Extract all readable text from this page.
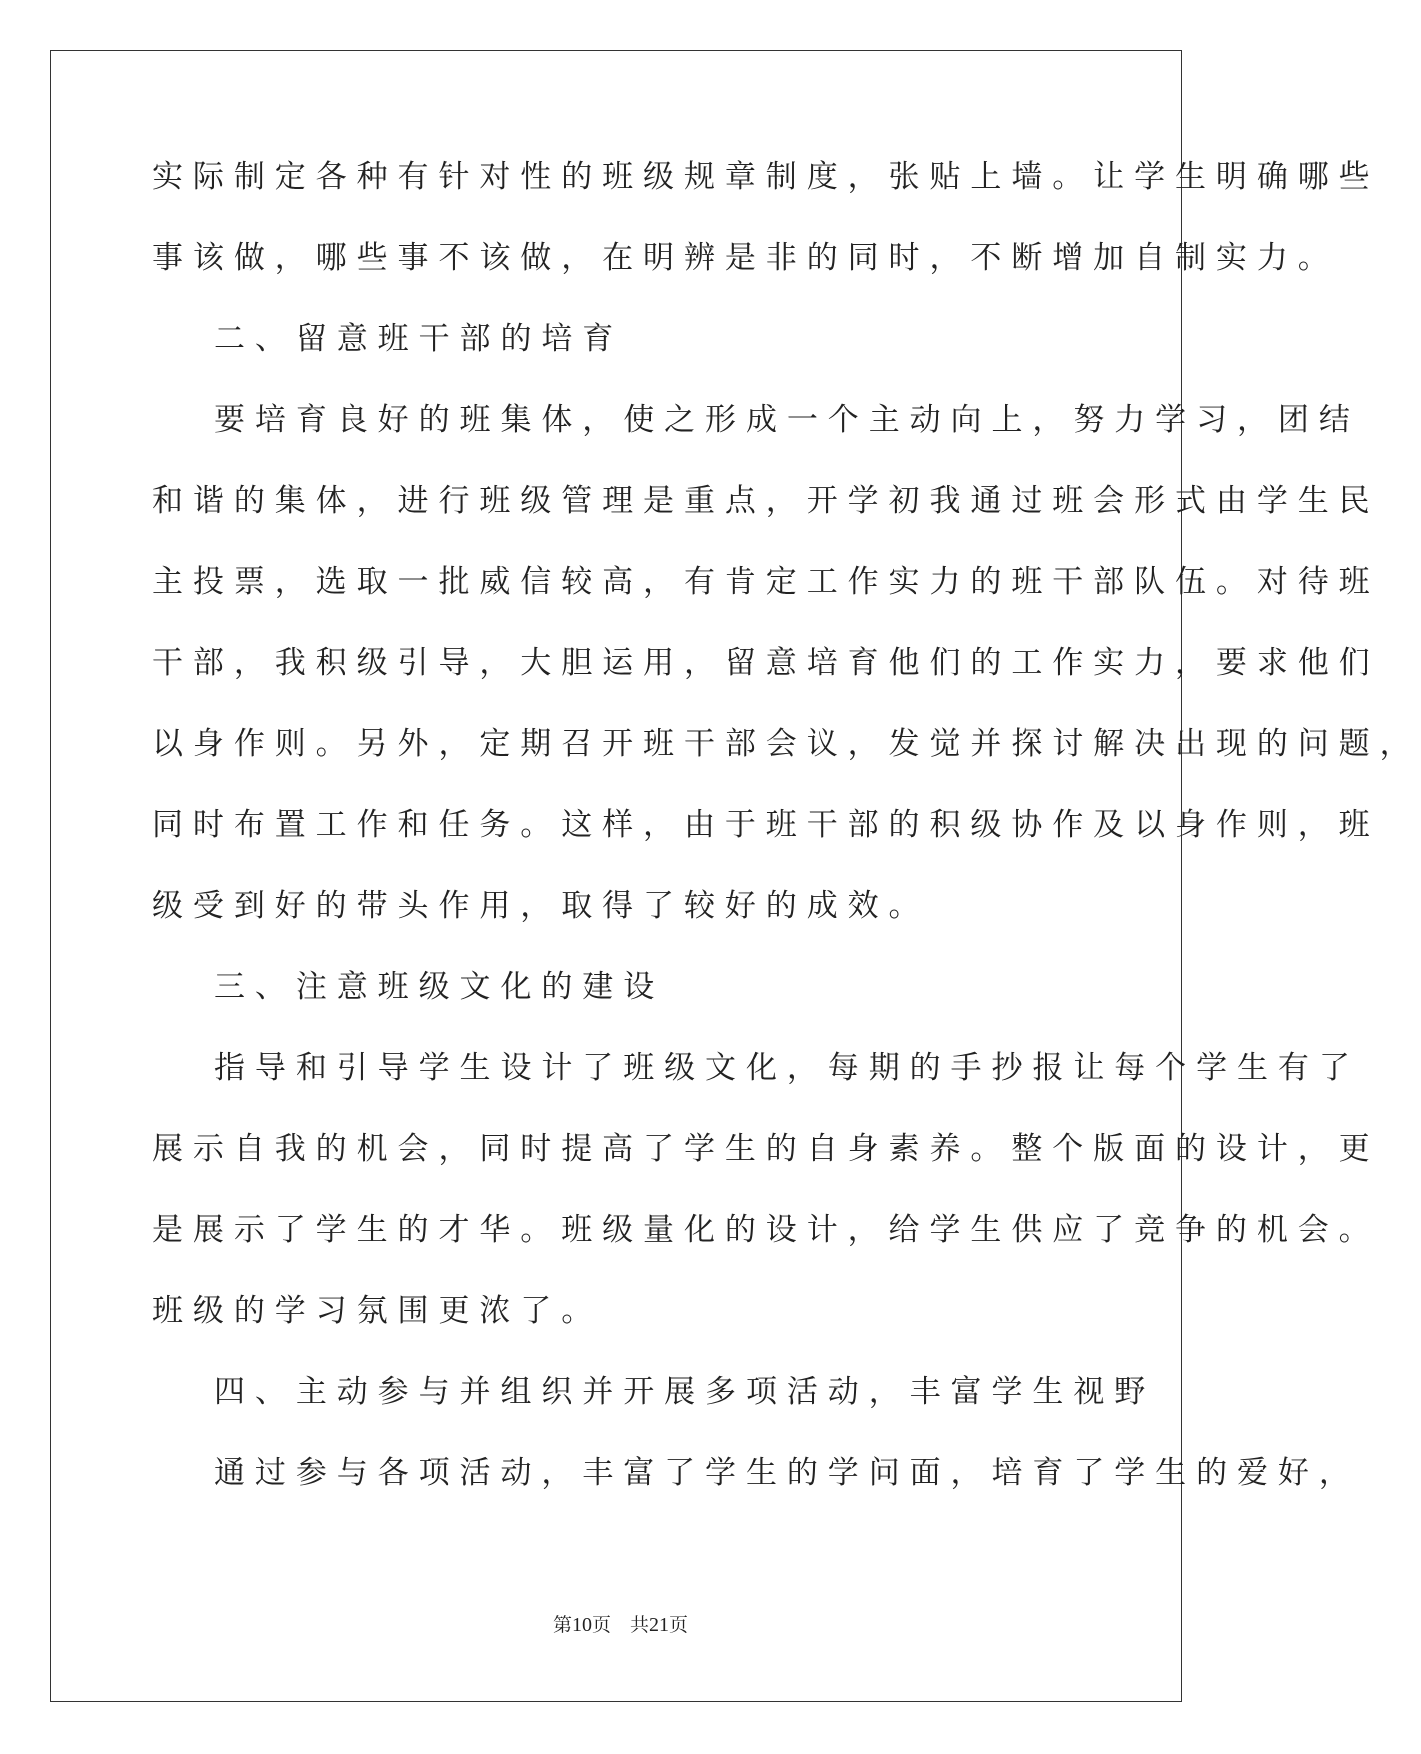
实际制定各种有针对性的班级规章制度，张贴上墙。让学生明确哪些
事该做，哪些事不该做，在明辨是非的同时，不断增加自制实力。
二、留意班干部的培育
要培育良好的班集体，使之形成一个主动向上，努力学习，团结
和谐的集体，进行班级管理是重点，开学初我通过班会形式由学生民
主投票，选取一批威信较高，有肯定工作实力的班干部队伍。对待班
干部，我积级引导，大胆运用，留意培育他们的工作实力，要求他们
以身作则。另外，定期召开班干部会议，发觉并探讨解决出现的问题，
同时布置工作和任务。这样，由于班干部的积级协作及以身作则，班
级受到好的带头作用，取得了较好的成效。
三、注意班级文化的建设
指导和引导学生设计了班级文化，每期的手抄报让每个学生有了
展示自我的机会，同时提高了学生的自身素养。整个版面的设计，更
是展示了学生的才华。班级量化的设计，给学生供应了竞争的机会。
班级的学习氛围更浓了。
四、主动参与并组织并开展多项活动，丰富学生视野
通过参与各项活动，丰富了学生的学问面，培育了学生的爱好，
第10页　共21页
